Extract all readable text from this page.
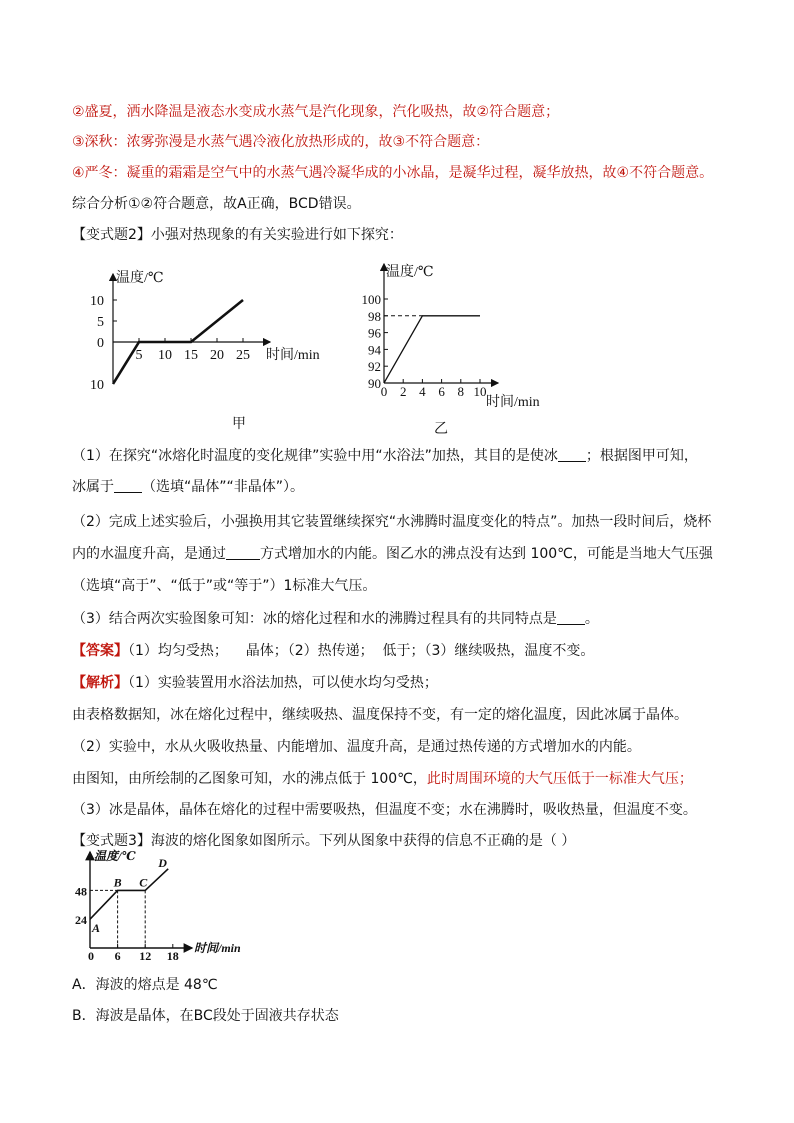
②盛夏，洒水降温是液态水变成水蒸气是汽化现象，汽化吸热，故②符合题意；
③深秋：浓雾弥漫是水蒸气遇冷液化放热形成的，故③不符合题意：
④严冬：凝重的霜霜是空气中的水蒸气遇冷凝华成的小冰晶，是凝华过程，凝华放热，故④不符合题意。
综合分析①②符合题意，故A正确，BCD错误。
【变式题2】小强对热现象的有关实验进行如下探究：
温度/℃
时间/min
10
5
0
10
5 10 15 20 25
甲
温度/℃
时间/min
100
98
96
94
92
90
0 2 4 6 8 10
乙
（1）在探究“冰熔化时温度的变化规律”实验中用“水浴法”加热，其目的是使冰 ；根据图甲可知，
冰属于 （选填“晶体”“非晶体”）。
（2）完成上述实验后，小强换用其它装置继续探究“水沸腾时温度变化的特点”。加热一段时间后，烧杯
内的水温度升高，是通过 方式增加水的内能。图乙水的沸点没有达到 100℃，可能是当地大气压强
（选填“高于”、“低于”或“等于”）1标准大气压。
（3）结合两次实验图象可知：冰的熔化过程和水的沸腾过程具有的共同特点是 。
【答案】（1）均匀受热；    晶体；（2）热传递；  低于；（3）继续吸热，温度不变。
【解析】（1）实验装置用水浴法加热，可以使水均匀受热；
由表格数据知，冰在熔化过程中，继续吸热、温度保持不变，有一定的熔化温度，因此冰属于晶体。
（2）实验中，水从火吸收热量、内能增加、温度升高，是通过热传递的方式增加水的内能。
由图知，由所绘制的乙图象可知，水的沸点低于 100℃，此时周围环境的大气压低于一标准大气压；
（3）冰是晶体，晶体在熔化的过程中需要吸热，但温度不变；水在沸腾时，吸收热量，但温度不变。
【变式题3】海波的熔化图象如图所示。下列从图象中获得的信息不正确的是（ ）
温度/℃
时间/min
48
24
0 6 12 18
A
B C
D
A．海波的熔点是 48℃
B．海波是晶体，在BC段处于固液共存状态
